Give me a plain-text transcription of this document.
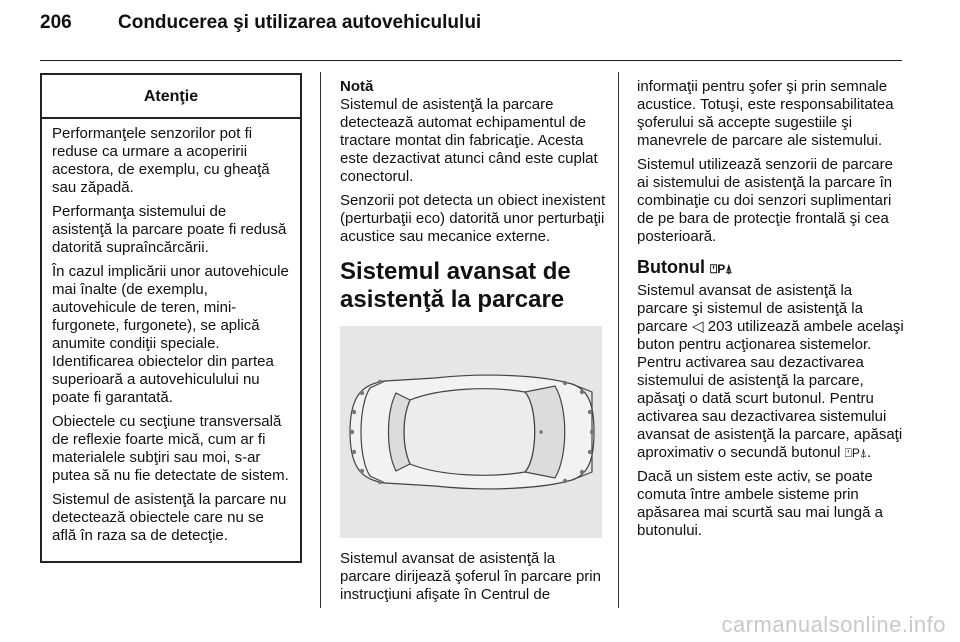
206 Conducerea şi utilizarea autovehiculului
Atenţie

Performanţele senzorilor pot fi reduse ca urmare a acoperirii acestora, de exemplu, cu gheaţă sau zăpadă.

Performanţa sistemului de asistenţă la parcare poate fi redusă datorită supraîncărcării.

În cazul implicării unor autovehicule mai înalte (de exemplu, autovehicule de teren, mini-furgonete, furgonete), se aplică anumite condiţii speciale. Identificarea obiectelor din partea superioară a autovehiculului nu poate fi garantată.

Obiectele cu secţiune transversală de reflexie foarte mică, cum ar fi materialele subţiri sau moi, s-ar putea să nu fie detectate de sistem.

Sistemul de asistenţă la parcare nu detectează obiectele care nu se află în raza sa de detecţie.

Notă

Sistemul de asistenţă la parcare detectează automat echipamentul de tractare montat din fabricaţie. Acesta este dezactivat atunci când este cuplat conectorul.

Senzorii pot detecta un obiect inexistent (perturbaţii eco) datorită unor perturbaţii acustice sau mecanice externe.

Sistemul avansat de asistenţă la parcare

Sistemul avansat de asistenţă la parcare dirijează şoferul în parcare prin instrucţiuni afişate în Centrul de

informaţii pentru şofer şi prin semnale acustice. Totuşi, este responsabilitatea şoferului să accepte sugestiile şi manevrele de parcare ale sistemului.

Sistemul utilizează senzorii de parcare ai sistemului de asistenţă la parcare în combinaţie cu doi senzori suplimentari de pe bara de protecţie frontală şi cea posterioară.

Butonul ⍞P⍋

Sistemul avansat de asistenţă la parcare şi sistemul de asistenţă la parcare ◁ 203 utilizează ambele acelaşi buton pentru acţionarea sistemelor. Pentru activarea sau dezactivarea sistemului de asistenţă la parcare, apăsaţi o dată scurt butonul. Pentru activarea sau dezactivarea sistemului avansat de asistenţă la parcare, apăsaţi aproximativ o secundă butonul ⍞P⍋.

Dacă un sistem este activ, se poate comuta între ambele sisteme prin apăsarea mai scurtă sau mai lungă a butonului.

carmanualsonline.info
